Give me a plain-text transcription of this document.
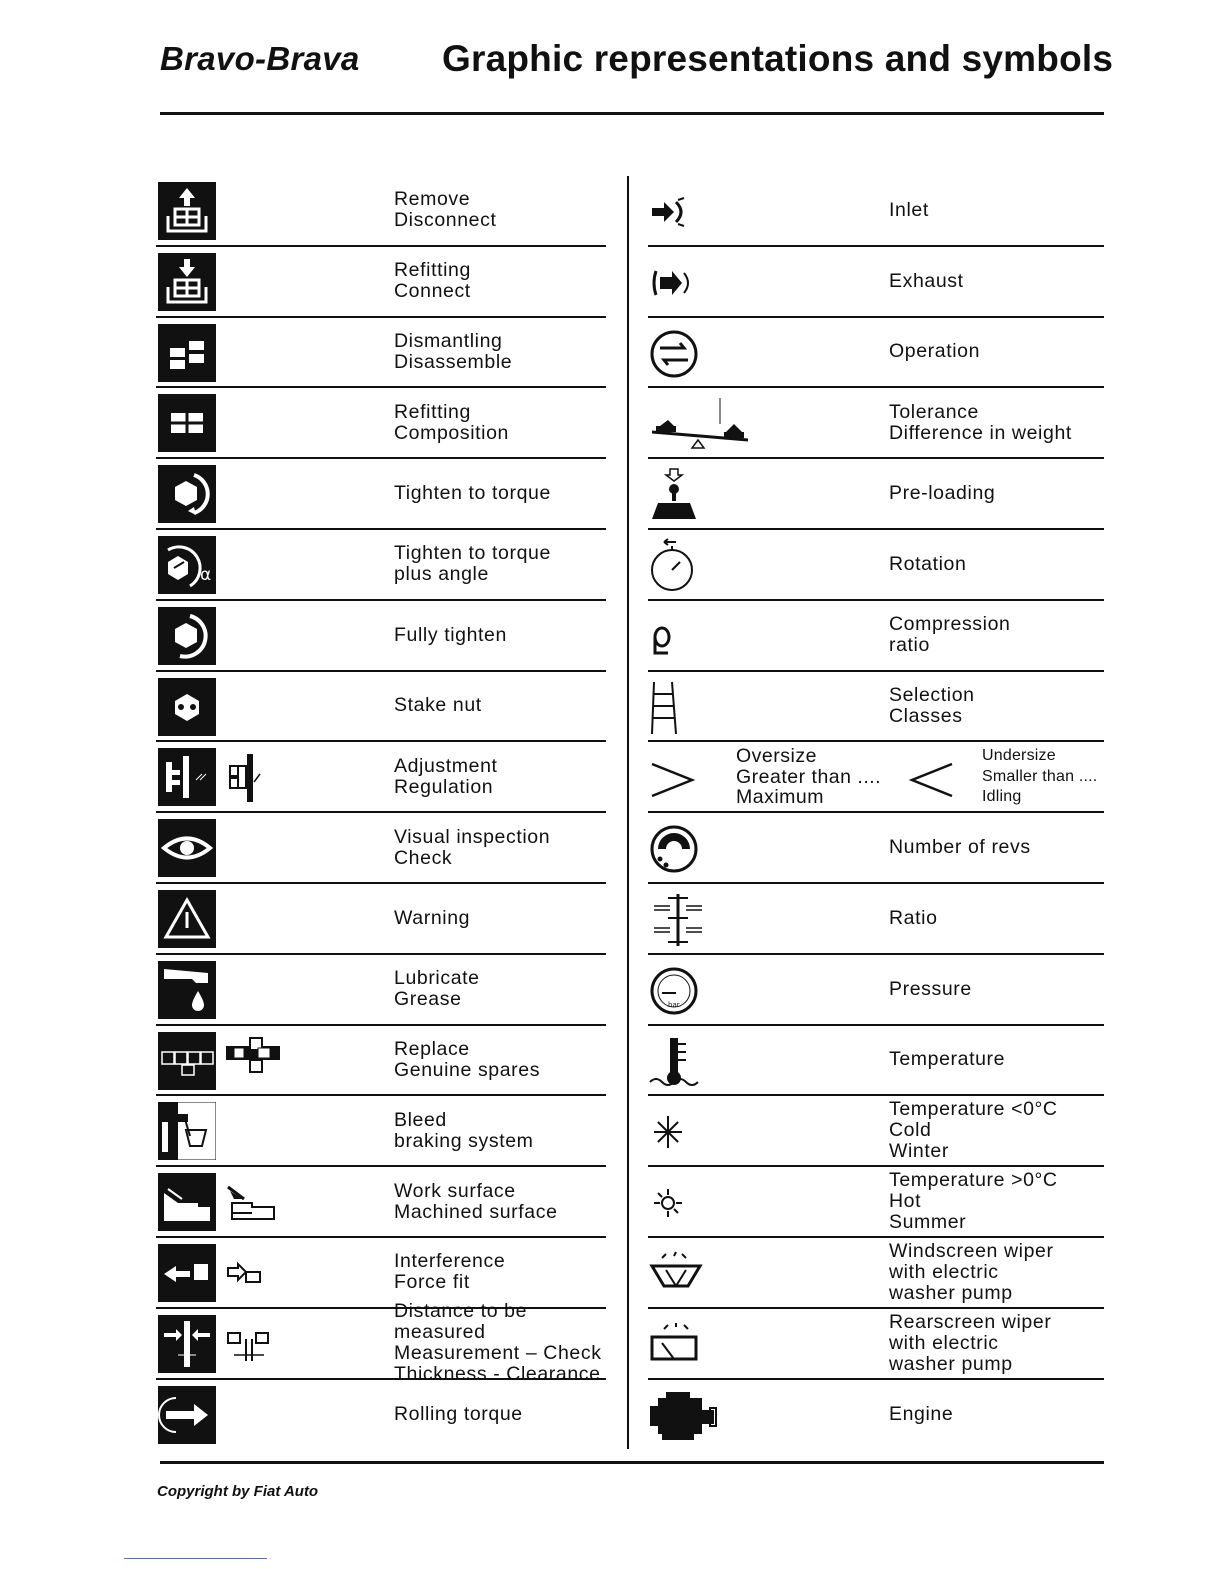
Bravo-Brava Graphic representations and symbols
Remove
Disconnect
Refitting
Connect
Dismantling
Disassemble
Refitting
Composition
Tighten to torque
α
Tighten to torque
plus angle
Fully tighten
Stake nut
Adjustment
Regulation
Visual inspection
Check
Warning
Lubricate
Grease
Replace
Genuine spares
Bleed
braking system
Work surface
Machined surface
Interference
Force fit
Distance to be measured
Measurement – Check
Thickness - Clearance
Rolling torque
Inlet
Exhaust
Operation
Tolerance
Difference in weight
Pre-loading
Rotation
Compression
ratio
Selection
Classes
Oversize
Greater than ....
Maximum
Undersize
Smaller than ....
Idling
Number of revs
Ratio
bar
Pressure
Temperature
Temperature <0°C
Cold
Winter
Temperature >0°C
Hot
Summer
Windscreen wiper
with electric
washer pump
Rearscreen wiper
with electric
washer pump
Engine
Copyright by Fiat Auto
